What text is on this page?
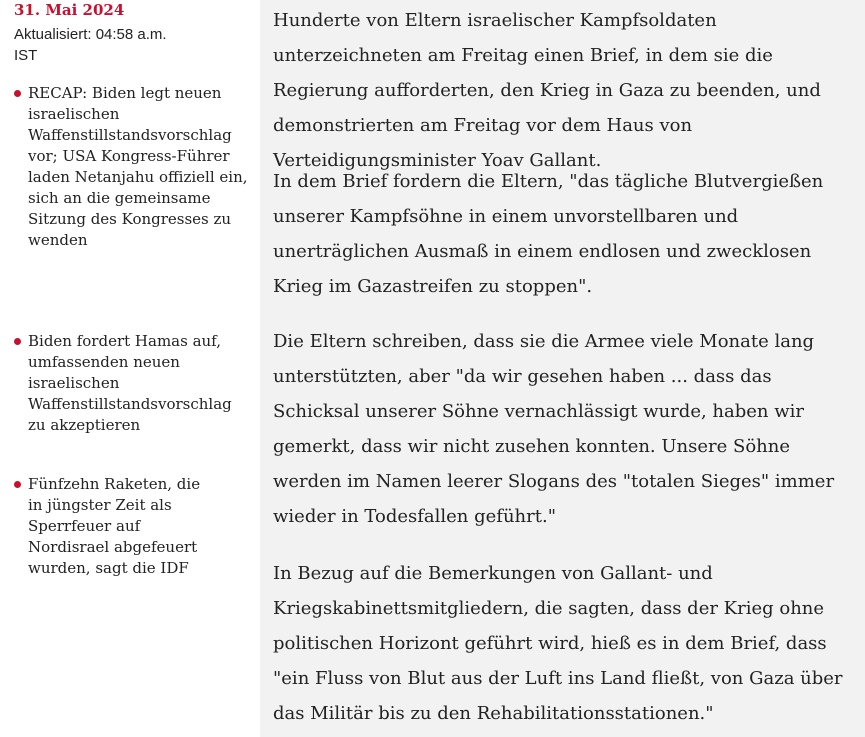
31. Mai 2024
Aktualisiert: 04:58 a.m.
IST
RECAP: Biden legt neuen israelischen Waffenstillstandsvorschlag vor; USA Kongress-Führer laden Netanjahu offiziell ein, sich an die gemeinsame Sitzung des Kongresses zu wenden
Biden fordert Hamas auf, umfassenden neuen israelischen Waffenstillstandsvorschlag zu akzeptieren
Fünfzehn Raketen, die in jüngster Zeit als Sperrfeuer auf Nordisrael abgefeuert wurden, sagt die IDF

Hunderte von Eltern israelischer Kampfsoldaten unterzeichneten am Freitag einen Brief, in dem sie die Regierung aufforderten, den Krieg in Gaza zu beenden, und demonstrierten am Freitag vor dem Haus von Verteidigungsminister Yoav Gallant.

In dem Brief fordern die Eltern, "das tägliche Blutvergießen unserer Kampfsöhne in einem unvorstellbaren und unerträglichen Ausmaß in einem endlosen und zwecklosen Krieg im Gazastreifen zu stoppen".

Die Eltern schreiben, dass sie die Armee viele Monate lang unterstützten, aber "da wir gesehen haben ... dass das Schicksal unserer Söhne vernachlässigt wurde, haben wir gemerkt, dass wir nicht zusehen konnten. Unsere Söhne werden im Namen leerer Slogans des "totalen Sieges" immer wieder in Todesfallen geführt."

In Bezug auf die Bemerkungen von Gallant- und Kriegskabinettsmitgliedern, die sagten, dass der Krieg ohne politischen Horizont geführt wird, hieß es in dem Brief, dass "ein Fluss von Blut aus der Luft ins Land fließt, von Gaza über das Militär bis zu den Rehabilitationsstationen."
